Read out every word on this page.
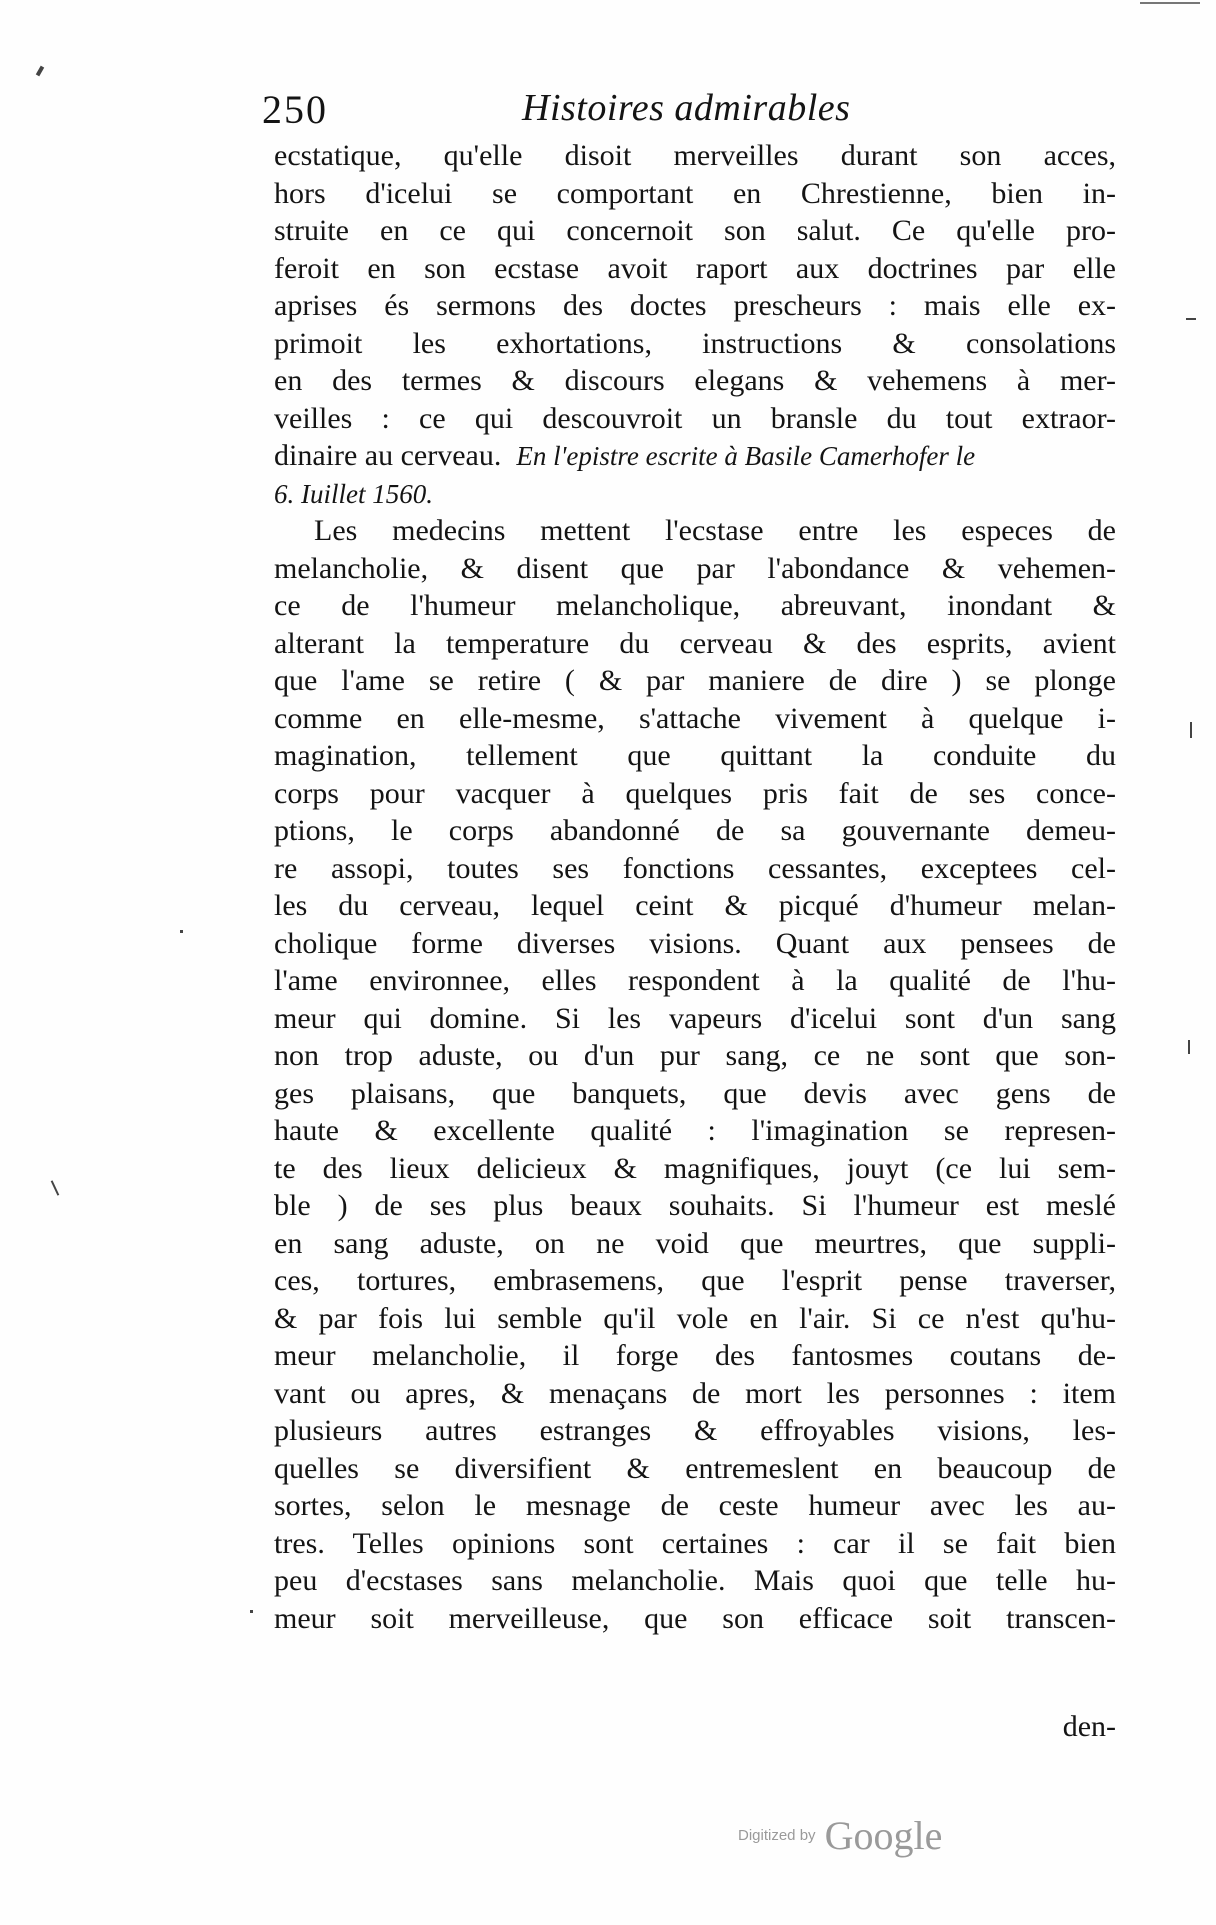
250	Histoires admirables
ecstatique, qu'elle disoit merveilles durant son acces,
hors d'icelui se comportant en Chrestienne, bien in-
struite en ce qui concernoit son salut. Ce qu'elle pro-
feroit en son ecstase avoit raport aux doctrines par elle
aprises és sermons des doctes prescheurs : mais elle ex-
primoit les exhortations, instructions & consolations
en des termes & discours elegans & vehemens à mer-
veilles : ce qui descouvroit un bransle du tout extraor-
dinaire au cerveau. En l'epistre escrite à Basile Camerhofer le
6. Iuillet 1560.
Les medecins mettent l'ecstase entre les especes de
melancholie, & disent que par l'abondance & vehemen-
ce de l'humeur melancholique, abreuvant, inondant &
alterant la temperature du cerveau & des esprits, avient
que l'ame se retire ( & par maniere de dire ) se plonge
comme en elle-mesme, s'attache vivement à quelque i-
magination, tellement que quittant la conduite du
corps pour vacquer à quelques pris fait de ses conce-
ptions, le corps abandonné de sa gouvernante demeu-
re assopi, toutes ses fonctions cessantes, exceptees cel-
les du cerveau, lequel ceint & picqué d'humeur melan-
cholique forme diverses visions. Quant aux pensees de
l'ame environnee, elles respondent à la qualité de l'hu-
meur qui domine. Si les vapeurs d'icelui sont d'un sang
non trop aduste, ou d'un pur sang, ce ne sont que son-
ges plaisans, que banquets, que devis avec gens de
haute & excellente qualité : l'imagination se represen-
te des lieux delicieux & magnifiques, jouyt (ce lui sem-
ble ) de ses plus beaux souhaits. Si l'humeur est meslé
en sang aduste, on ne void que meurtres, que suppli-
ces, tortures, embrasemens, que l'esprit pense traverser,
& par fois lui semble qu'il vole en l'air. Si ce n'est qu'hu-
meur melancholie, il forge des fantosmes coutans de-
vant ou apres, & menaçans de mort les personnes : item
plusieurs autres estranges & effroyables visions, les-
quelles se diversifient & entremeslent en beaucoup de
sortes, selon le mesnage de ceste humeur avec les au-
tres. Telles opinions sont certaines : car il se fait bien
peu d'ecstases sans melancholie. Mais quoi que telle hu-
meur soit merveilleuse, que son efficace soit transcen-
den-
Digitized by Google
